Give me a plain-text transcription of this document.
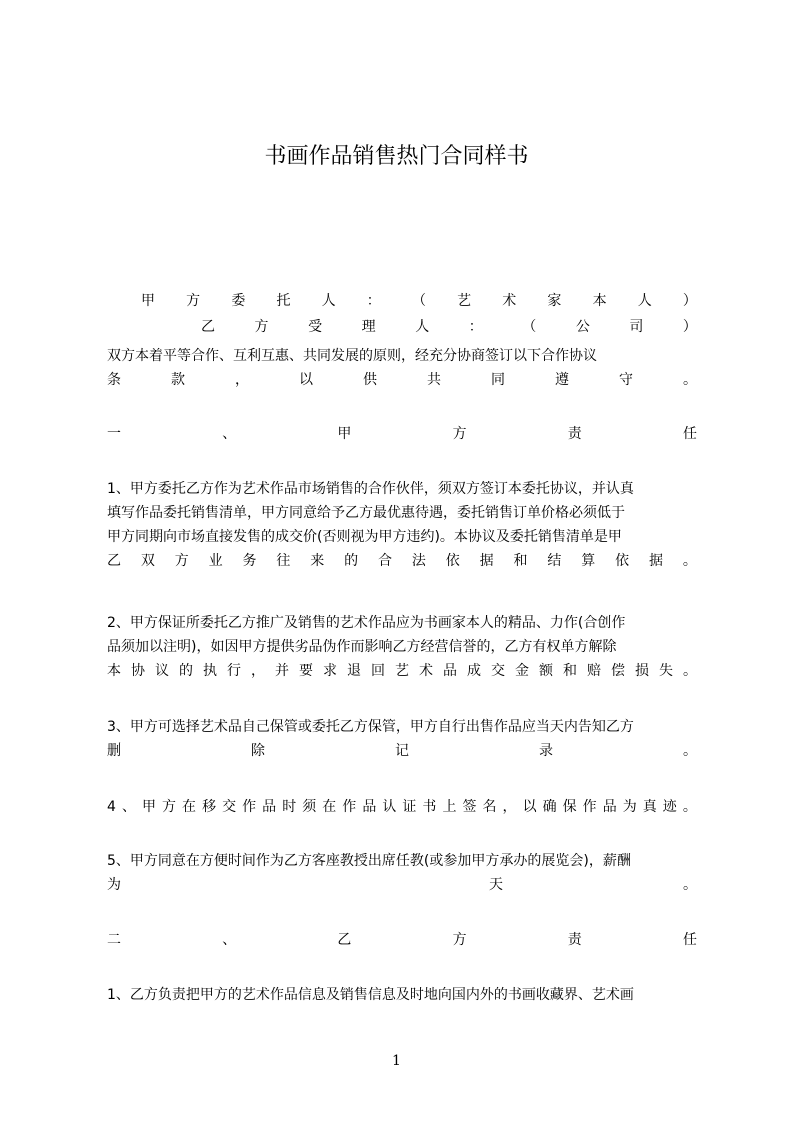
书画作品销售热门合同样书
甲 方 委 托 人 ： （ 艺 术 家 本 人 ）
乙	方	受	理	人	：	（	公	司	）
双方本着平等合作、互利互惠、共同发展的原则，经充分协商签订以下合作协议
条	款	，	以	供	共	同	遵	守	。
一	、	甲	方	责	任
1、甲方委托乙方作为艺术作品市场销售的合作伙伴，须双方签订本委托协议，并认真
填写作品委托销售清单，甲方同意给予乙方最优惠待遇，委托销售订单价格必须低于
甲方同期向市场直接发售的成交价(否则视为甲方违约)。本协议及委托销售清单是甲
乙 双 方 业 务 往 来 的 合 法 依 据 和 结 算 依 据 。
2、甲方保证所委托乙方推广及销售的艺术作品应为书画家本人的精品、力作(合创作
品须加以注明)，如因甲方提供劣品伪作而影响乙方经营信誉的，乙方有权单方解除
本 协 议 的 执 行 ， 并 要 求 退 回 艺 术 品 成 交 金 额 和 赔 偿 损 失 。
3、甲方可选择艺术品自己保管或委托乙方保管，甲方自行出售作品应当天内告知乙方
删	除	记	录	。
4 、 甲 方 在 移 交 作 品 时 须 在 作 品 认 证 书 上 签 名 ， 以 确 保 作 品 为 真 迹 。
5、甲方同意在方便时间作为乙方客座教授出席任教(或参加甲方承办的展览会)，薪酬
为	天	。
二	、	乙	方	责	任
1、乙方负责把甲方的艺术作品信息及销售信息及时地向国内外的书画收藏界、艺术画
1
